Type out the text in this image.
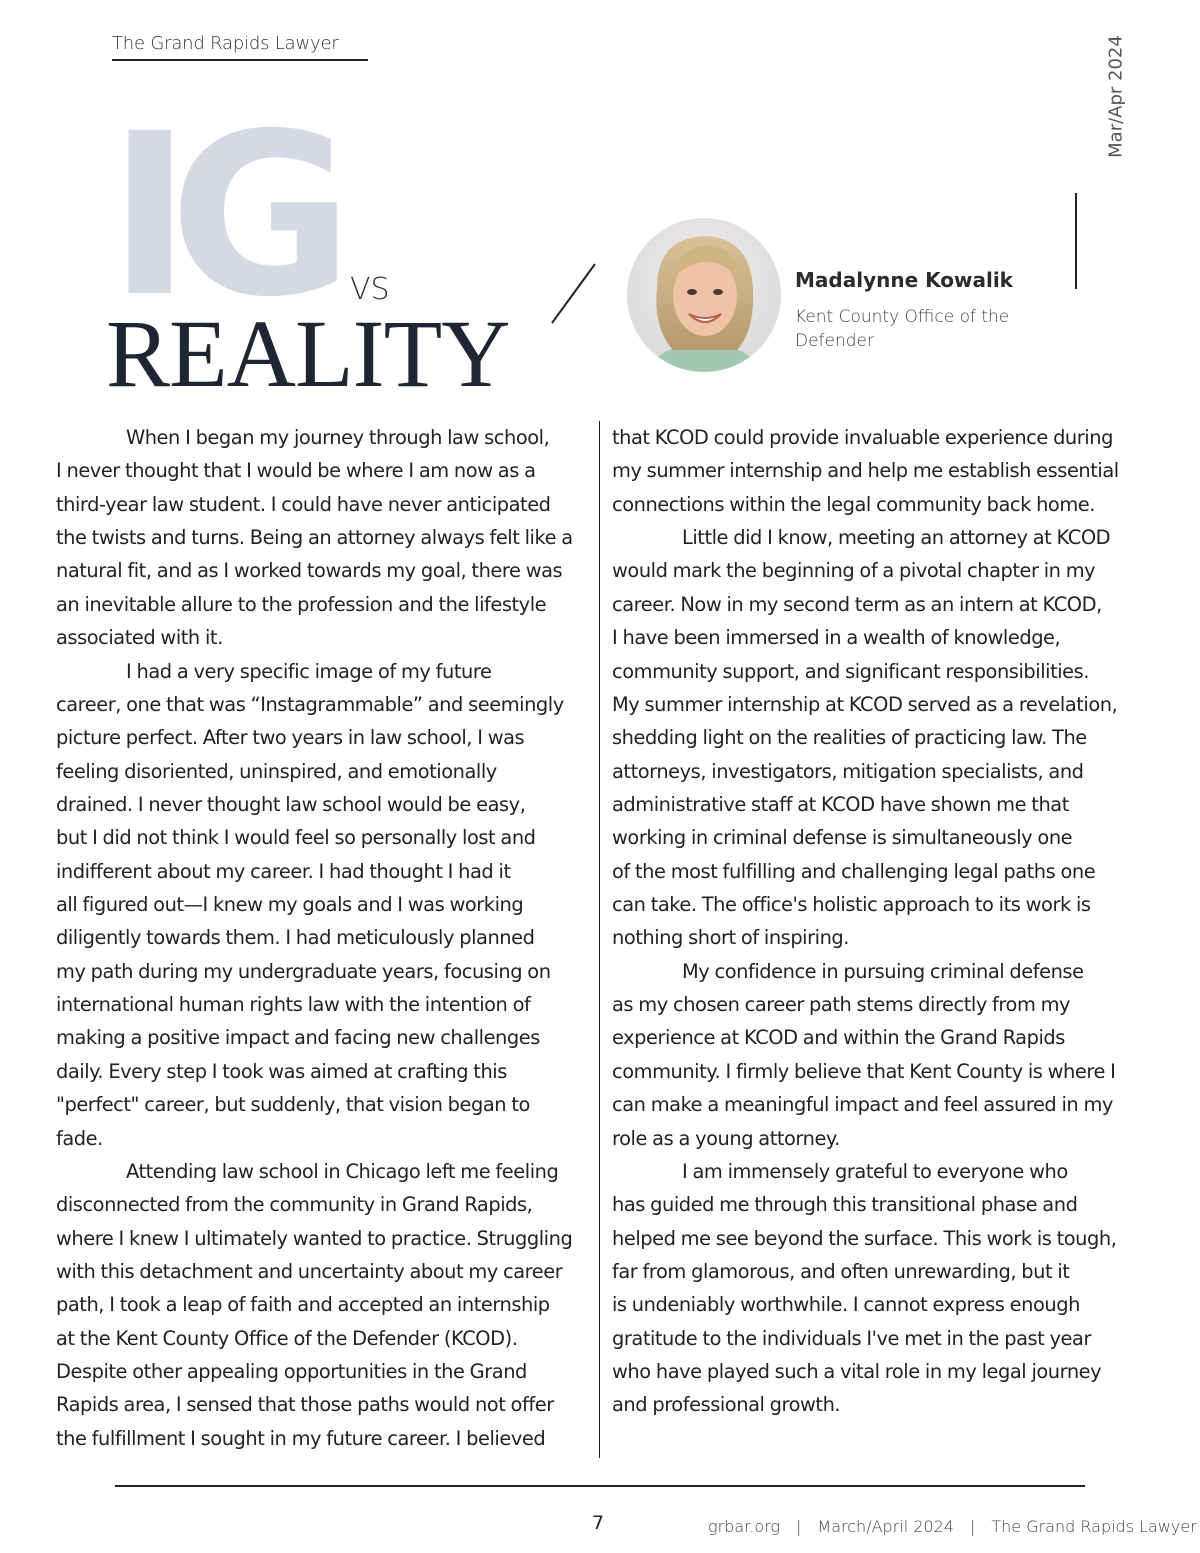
The Grand Rapids Lawyer	Mar/Apr 2024
IG VS
REALITY
Madalynne Kowalik
Kent County Office of the
Defender
When I began my journey through law school,
I never thought that I would be where I am now as a
third-year law student. I could have never anticipated
the twists and turns. Being an attorney always felt like a
natural fit, and as I worked towards my goal, there was
an inevitable allure to the profession and the lifestyle
associated with it.
I had a very specific image of my future
career, one that was “Instagrammable” and seemingly
picture perfect. After two years in law school, I was
feeling disoriented, uninspired, and emotionally
drained. I never thought law school would be easy,
but I did not think I would feel so personally lost and
indifferent about my career. I had thought I had it
all figured out—I knew my goals and I was working
diligently towards them. I had meticulously planned
my path during my undergraduate years, focusing on
international human rights law with the intention of
making a positive impact and facing new challenges
daily. Every step I took was aimed at crafting this
"perfect" career, but suddenly, that vision began to
fade.
Attending law school in Chicago left me feeling
disconnected from the community in Grand Rapids,
where I knew I ultimately wanted to practice. Struggling
with this detachment and uncertainty about my career
path, I took a leap of faith and accepted an internship
at the Kent County Office of the Defender (KCOD).
Despite other appealing opportunities in the Grand
Rapids area, I sensed that those paths would not offer
the fulfillment I sought in my future career. I believed
that KCOD could provide invaluable experience during
my summer internship and help me establish essential
connections within the legal community back home.
Little did I know, meeting an attorney at KCOD
would mark the beginning of a pivotal chapter in my
career. Now in my second term as an intern at KCOD,
I have been immersed in a wealth of knowledge,
community support, and significant responsibilities.
My summer internship at KCOD served as a revelation,
shedding light on the realities of practicing law. The
attorneys, investigators, mitigation specialists, and
administrative staff at KCOD have shown me that
working in criminal defense is simultaneously one
of the most fulfilling and challenging legal paths one
can take. The office's holistic approach to its work is
nothing short of inspiring.
My confidence in pursuing criminal defense
as my chosen career path stems directly from my
experience at KCOD and within the Grand Rapids
community. I firmly believe that Kent County is where I
can make a meaningful impact and feel assured in my
role as a young attorney.
I am immensely grateful to everyone who
has guided me through this transitional phase and
helped me see beyond the surface. This work is tough,
far from glamorous, and often unrewarding, but it
is undeniably worthwhile. I cannot express enough
gratitude to the individuals I've met in the past year
who have played such a vital role in my legal journey
and professional growth.
7	grbar.org | March/April 2024 | The Grand Rapids Lawyer
